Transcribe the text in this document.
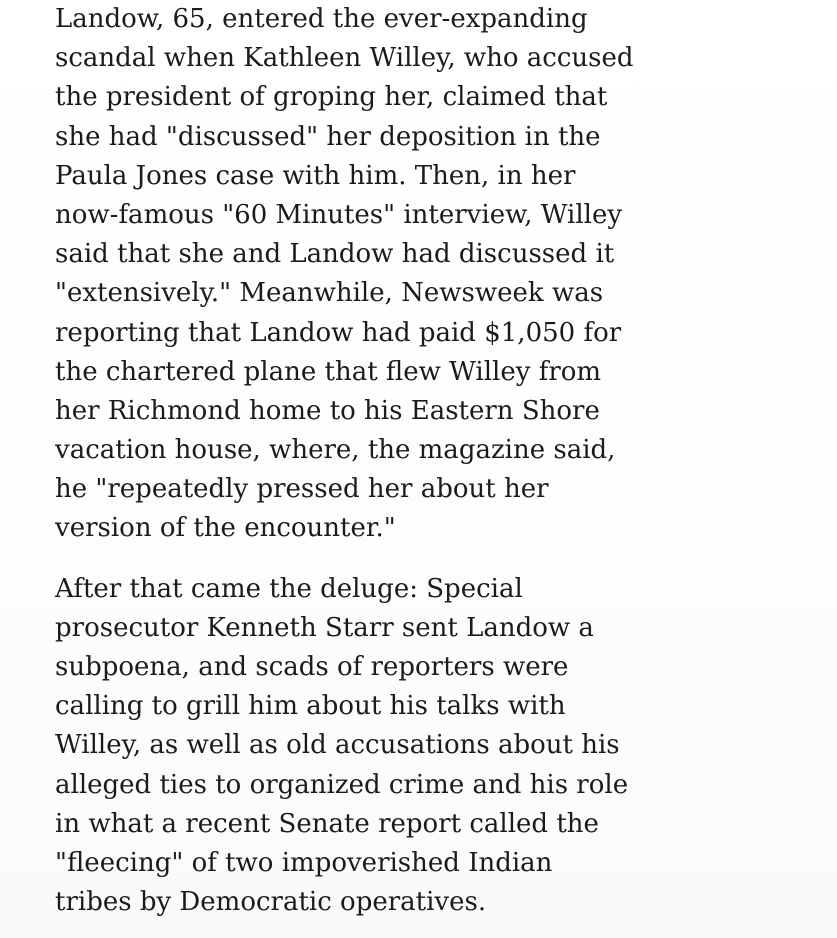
Landow, 65, entered the ever-expanding
scandal when Kathleen Willey, who accused
the president of groping her, claimed that
she had "discussed" her deposition in the
Paula Jones case with him. Then, in her
now-famous "60 Minutes" interview, Willey
said that she and Landow had discussed it
"extensively." Meanwhile, Newsweek was
reporting that Landow had paid $1,050 for
the chartered plane that flew Willey from
her Richmond home to his Eastern Shore
vacation house, where, the magazine said,
he "repeatedly pressed her about her
version of the encounter."

After that came the deluge: Special
prosecutor Kenneth Starr sent Landow a
subpoena, and scads of reporters were
calling to grill him about his talks with
Willey, as well as old accusations about his
alleged ties to organized crime and his role
in what a recent Senate report called the
"fleecing" of two impoverished Indian
tribes by Democratic operatives.
